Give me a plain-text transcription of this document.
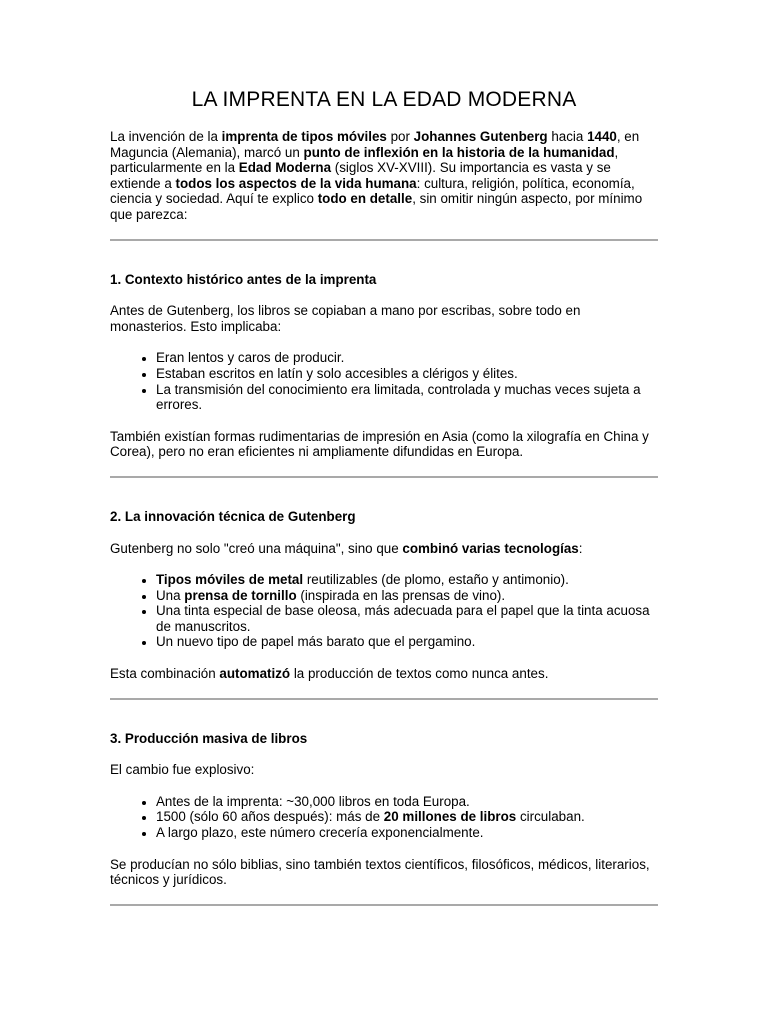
LA IMPRENTA EN LA EDAD MODERNA

La invención de la imprenta de tipos móviles por Johannes Gutenberg hacia 1440, en Maguncia (Alemania), marcó un punto de inflexión en la historia de la humanidad, particularmente en la Edad Moderna (siglos XV-XVIII). Su importancia es vasta y se extiende a todos los aspectos de la vida humana: cultura, religión, política, economía, ciencia y sociedad. Aquí te explico todo en detalle, sin omitir ningún aspecto, por mínimo que parezca:

1. Contexto histórico antes de la imprenta

Antes de Gutenberg, los libros se copiaban a mano por escribas, sobre todo en monasterios. Esto implicaba:

• Eran lentos y caros de producir.
• Estaban escritos en latín y solo accesibles a clérigos y élites.
• La transmisión del conocimiento era limitada, controlada y muchas veces sujeta a errores.

También existían formas rudimentarias de impresión en Asia (como la xilografía en China y Corea), pero no eran eficientes ni ampliamente difundidas en Europa.

2. La innovación técnica de Gutenberg

Gutenberg no solo "creó una máquina", sino que combinó varias tecnologías:

• Tipos móviles de metal reutilizables (de plomo, estaño y antimonio).
• Una prensa de tornillo (inspirada en las prensas de vino).
• Una tinta especial de base oleosa, más adecuada para el papel que la tinta acuosa de manuscritos.
• Un nuevo tipo de papel más barato que el pergamino.

Esta combinación automatizó la producción de textos como nunca antes.

3. Producción masiva de libros

El cambio fue explosivo:

• Antes de la imprenta: ~30,000 libros en toda Europa.
• 1500 (sólo 60 años después): más de 20 millones de libros circulaban.
• A largo plazo, este número crecería exponencialmente.

Se producían no sólo biblias, sino también textos científicos, filosóficos, médicos, literarios, técnicos y jurídicos.
